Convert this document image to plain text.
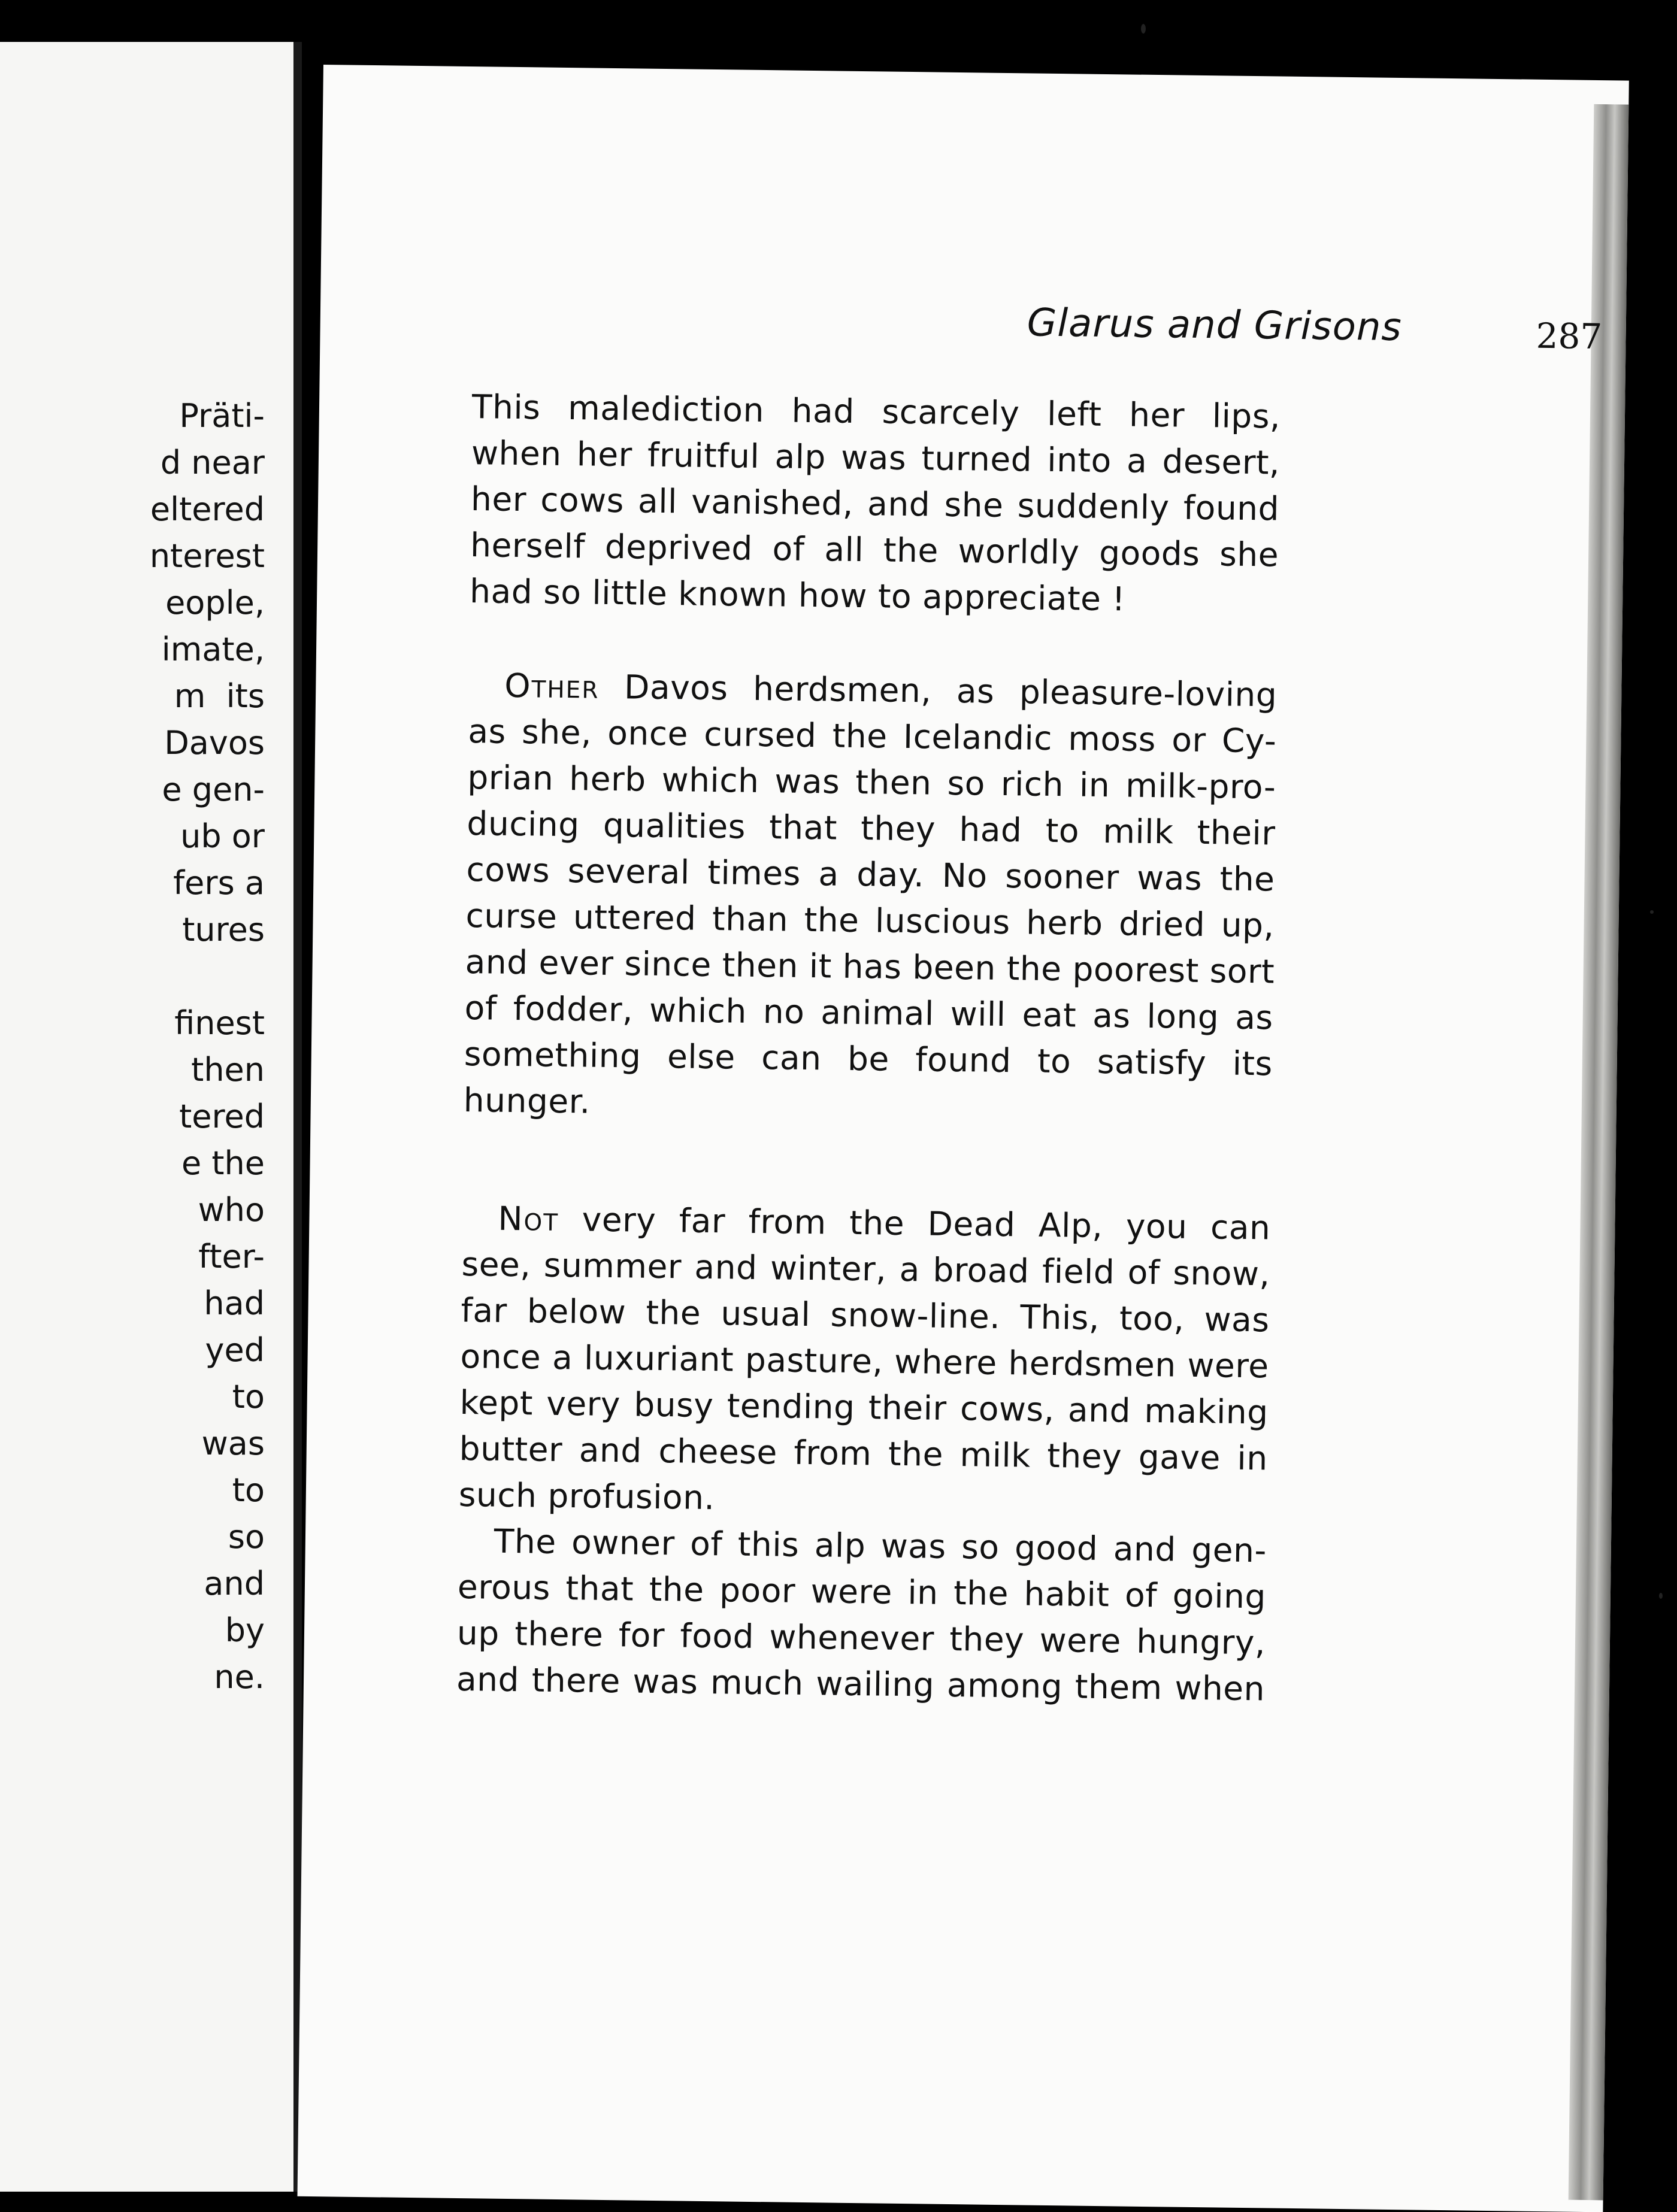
Präti-
d near
eltered
nterest
eople,
imate,
m  its
Davos
e gen-
ub or
fers a
tures
finest
then
tered
e the
who
fter-
had
yed
to
was
to
so
and
by
ne.
Glarus and Grisons	287
This malediction had scarcely left her lips,
when her fruitful alp was turned into a desert,
her cows all vanished, and she suddenly found
herself deprived of all the worldly goods she
had so little known how to appreciate !
Other Davos herdsmen, as pleasure-loving
as she, once cursed the Icelandic moss or Cy-
prian herb which was then so rich in milk-pro-
ducing qualities that they had to milk their
cows several times a day. No sooner was the
curse uttered than the luscious herb dried up,
and ever since then it has been the poorest sort
of fodder, which no animal will eat as long as
something else can be found to satisfy its
hunger.
Not very far from the Dead Alp, you can
see, summer and winter, a broad field of snow,
far below the usual snow-line. This, too, was
once a luxuriant pasture, where herdsmen were
kept very busy tending their cows, and making
butter and cheese from the milk they gave in
such profusion.
The owner of this alp was so good and gen-
erous that the poor were in the habit of going
up there for food whenever they were hungry,
and there was much wailing among them when
